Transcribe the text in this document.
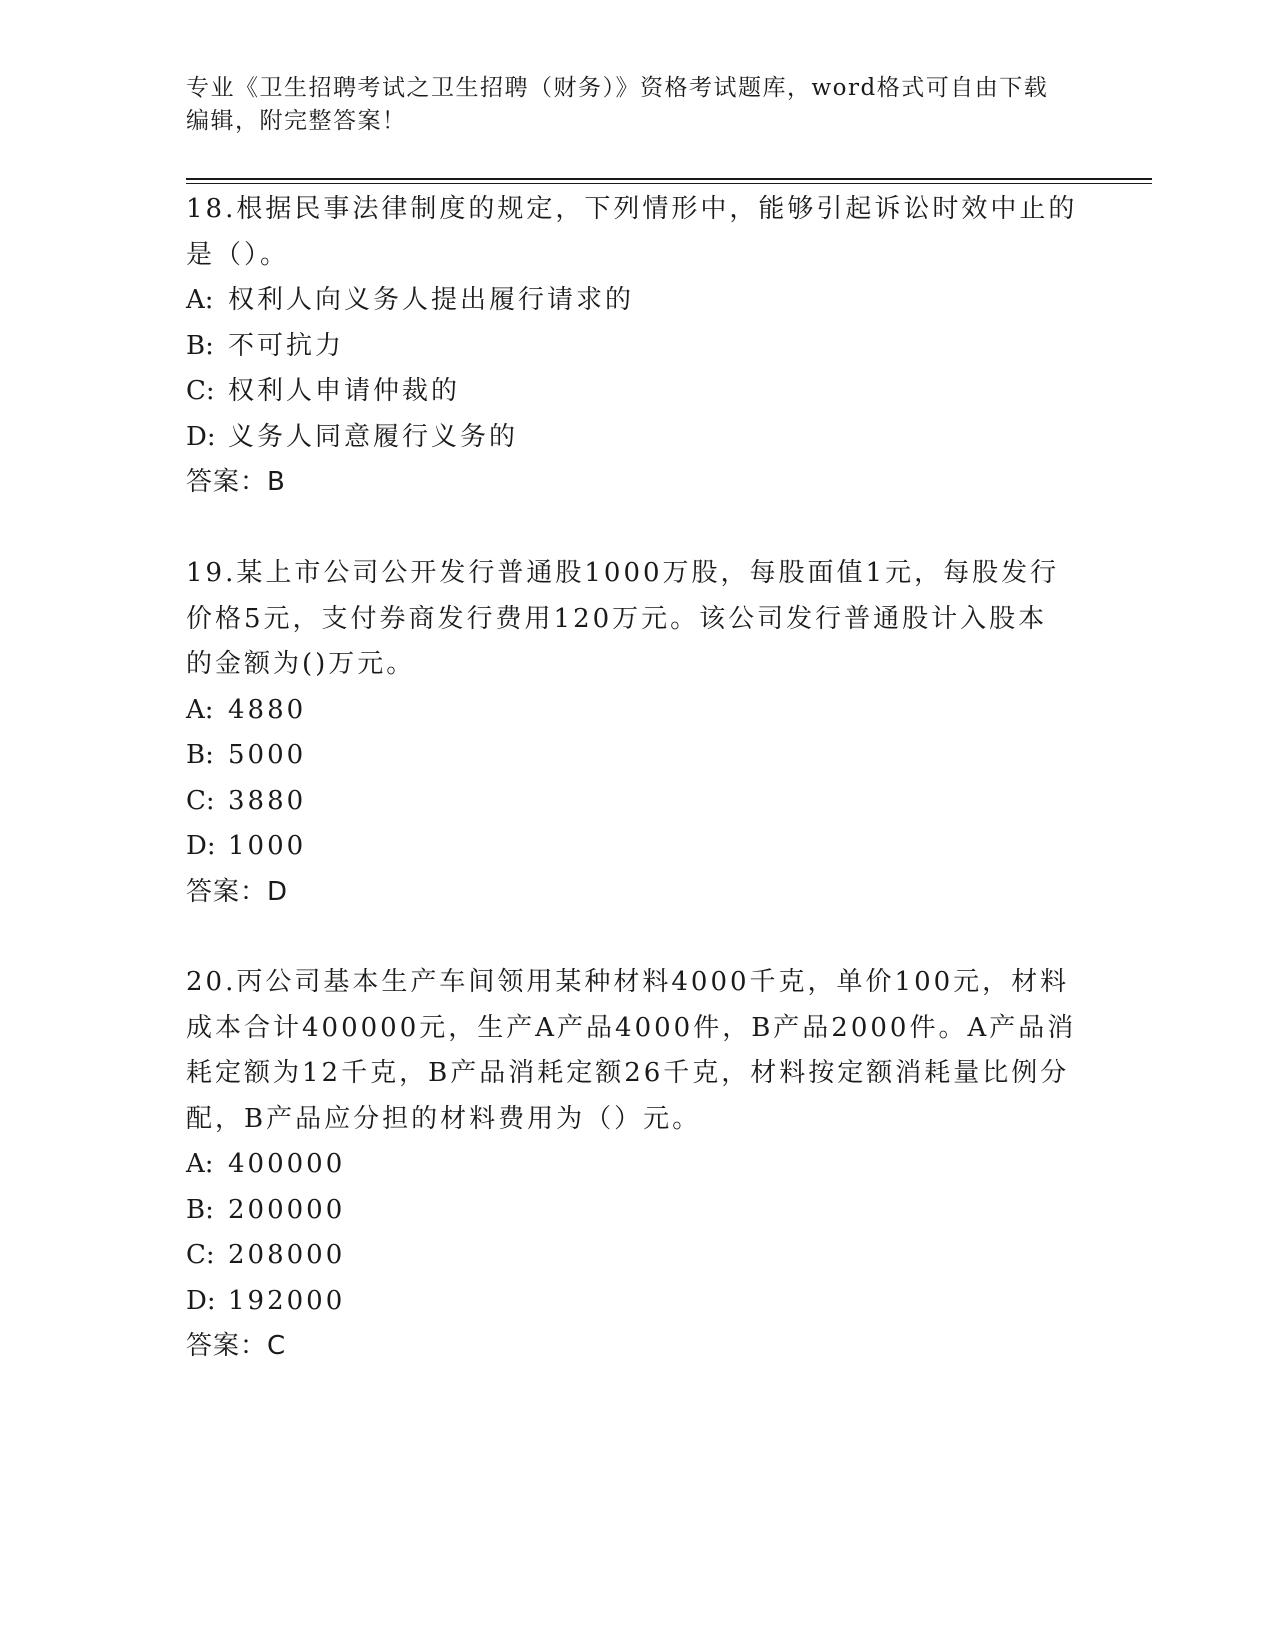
专业《卫生招聘考试之卫生招聘（财务）》资格考试题库，word格式可自由下载
编辑，附完整答案！

18.根据民事法律制度的规定，下列情形中，能够引起诉讼时效中止的

是（）。

A: 权利人向义务人提出履行请求的

B: 不可抗力

C: 权利人申请仲裁的

D: 义务人同意履行义务的

答案：B

19.某上市公司公开发行普通股1000万股，每股面值1元，每股发行

价格5元，支付券商发行费用120万元。该公司发行普通股计入股本

的金额为()万元。

A: 4880

B: 5000

C: 3880

D: 1000

答案：D

20.丙公司基本生产车间领用某种材料4000千克，单价100元，材料

成本合计400000元，生产A产品4000件，B产品2000件。A产品消

耗定额为12千克，B产品消耗定额26千克，材料按定额消耗量比例分

配，B产品应分担的材料费用为（）元。

A: 400000

B: 200000

C: 208000

D: 192000

答案：C
